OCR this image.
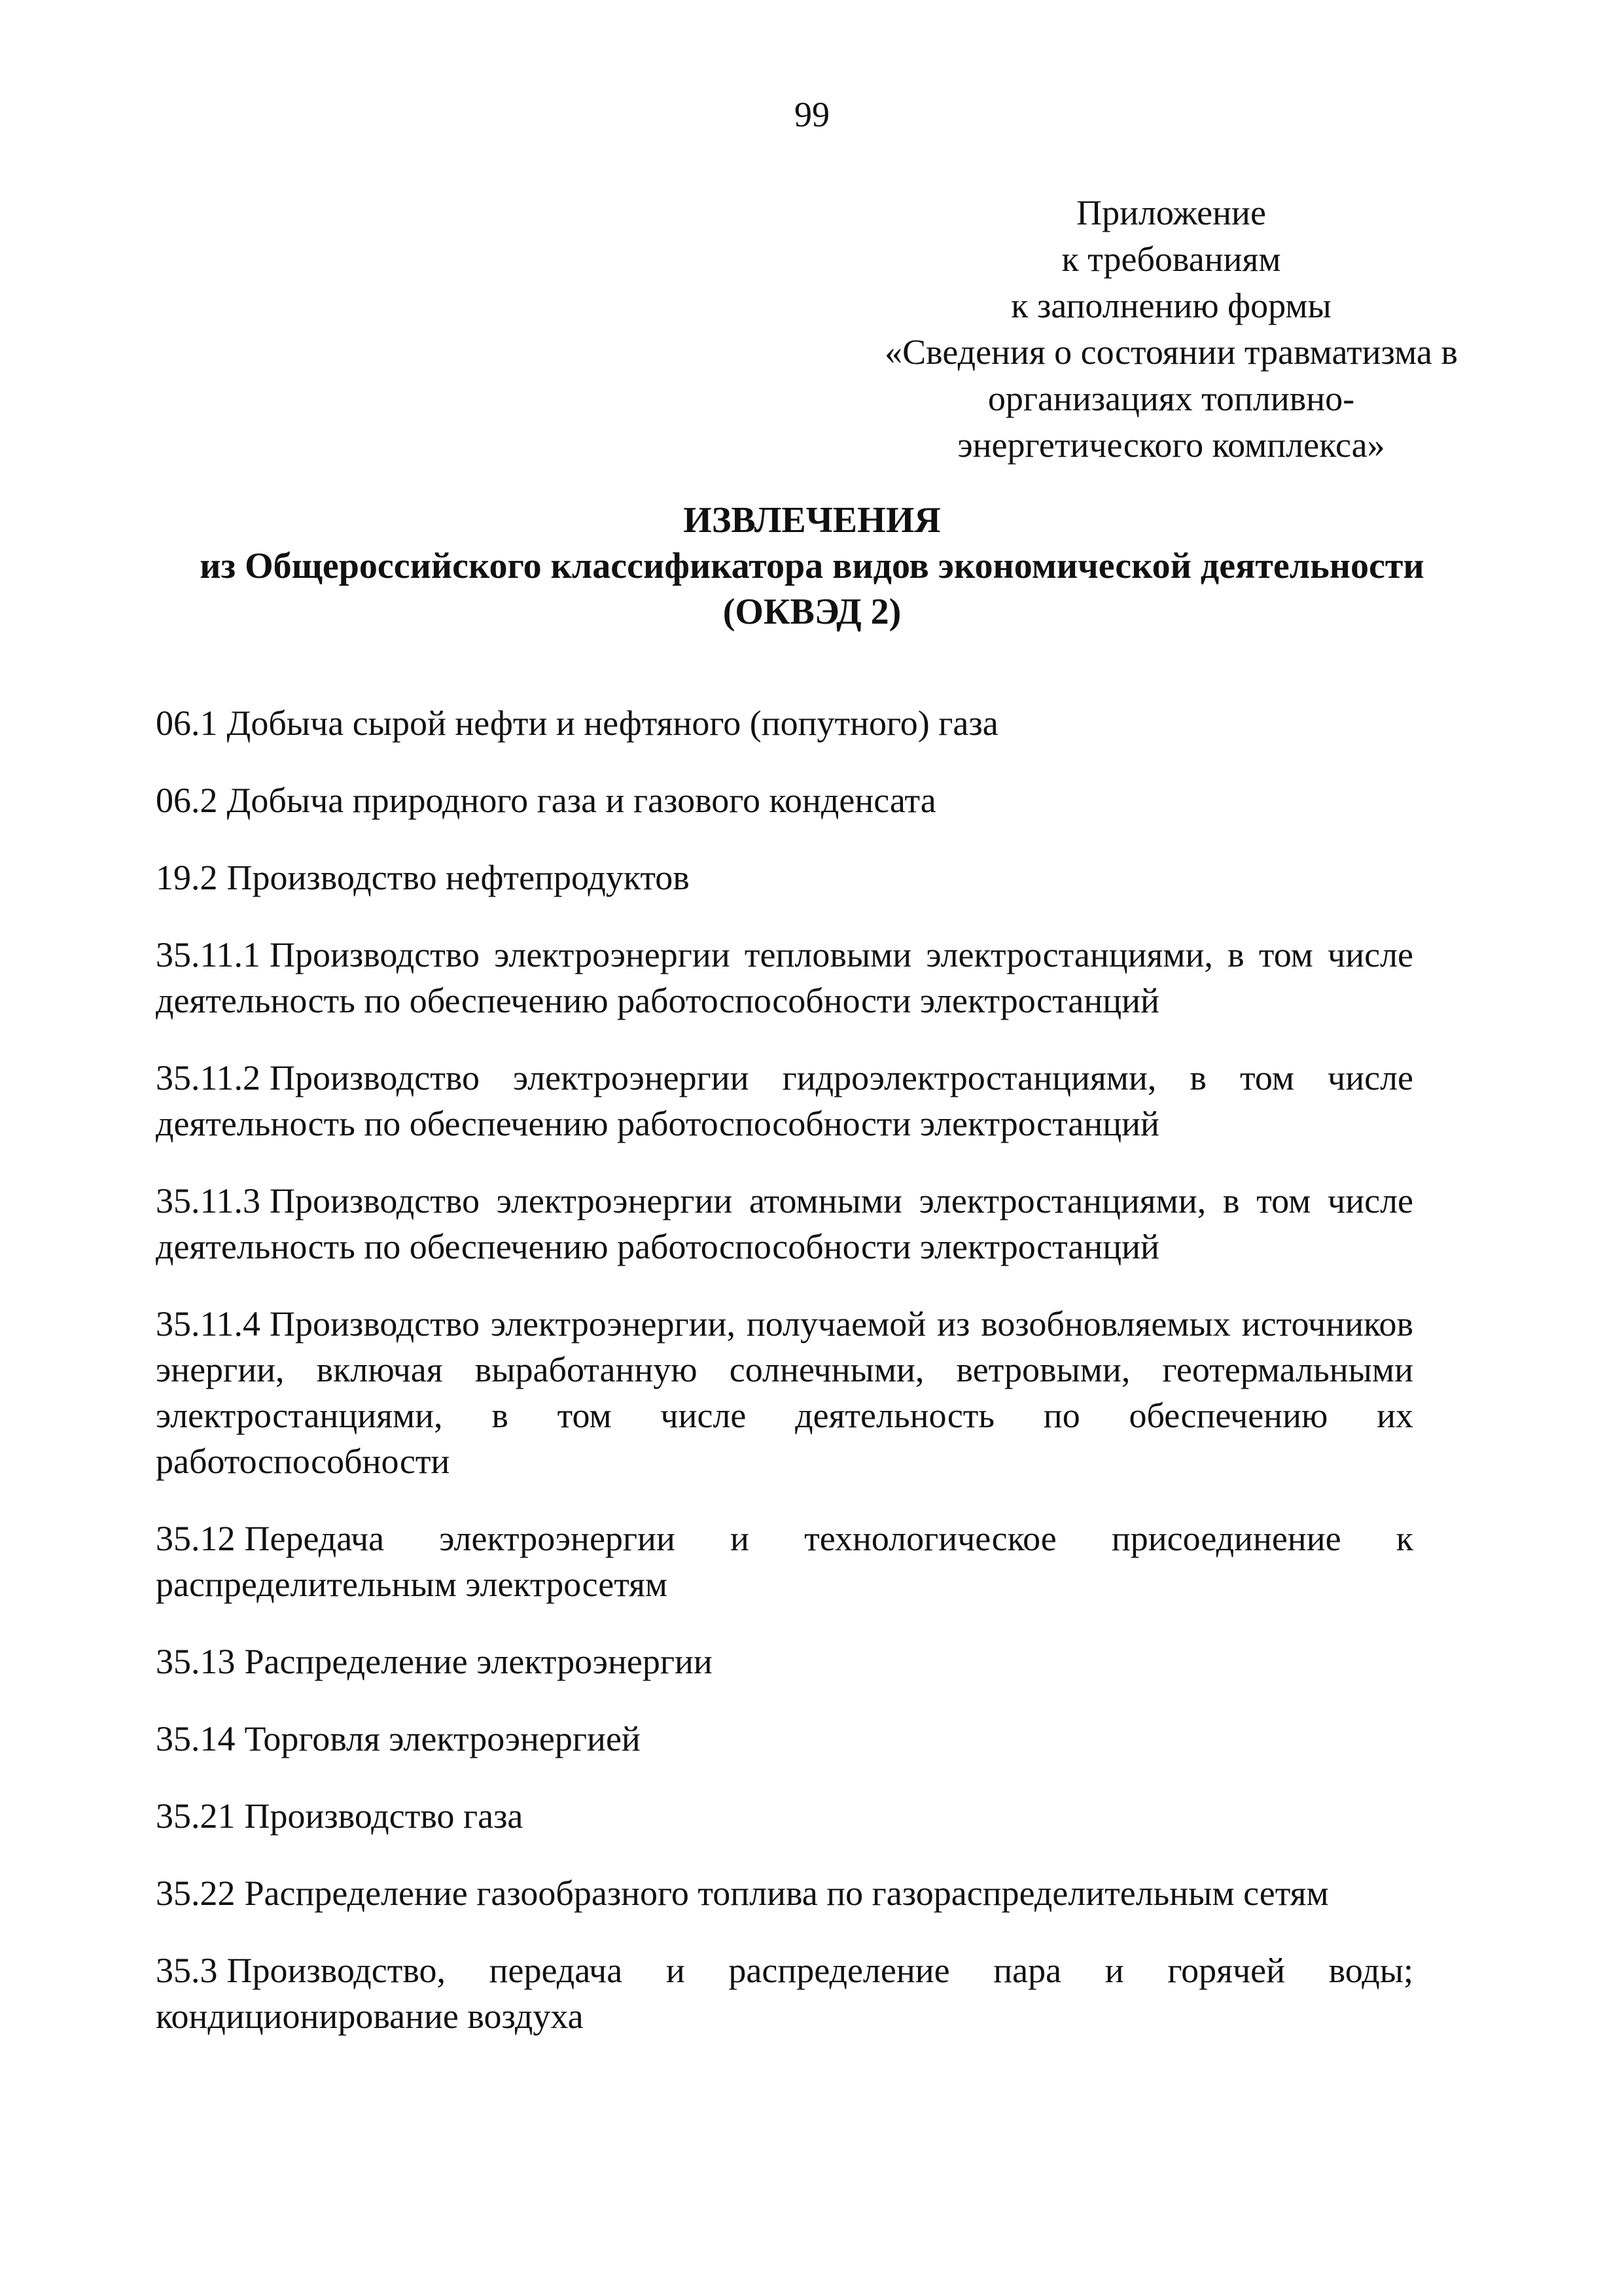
99
Приложение
к требованиям
к заполнению формы
«Сведения о состоянии травматизма в
организациях топливно-
энергетического комплекса»
ИЗВЛЕЧЕНИЯ
из Общероссийского классификатора видов экономической деятельности
(ОКВЭД 2)

06.1 Добыча сырой нефти и нефтяного (попутного) газа

06.2 Добыча природного газа и газового конденсата

19.2 Производство нефтепродуктов

35.11.1 Производство электроэнергии тепловыми электростанциями, в том числе деятельность по обеспечению работоспособности электростанций

35.11.2 Производство электроэнергии гидроэлектростанциями, в том числе деятельность по обеспечению работоспособности электростанций

35.11.3 Производство электроэнергии атомными электростанциями, в том числе деятельность по обеспечению работоспособности электростанций

35.11.4 Производство электроэнергии, получаемой из возобновляемых источников энергии, включая выработанную солнечными, ветровыми, геотермальными электростанциями, в том числе деятельность по обеспечению их работоспособности

35.12 Передача электроэнергии и технологическое присоединение к распределительным электросетям

35.13 Распределение электроэнергии

35.14 Торговля электроэнергией

35.21 Производство газа

35.22 Распределение газообразного топлива по газораспределительным сетям

35.3 Производство, передача и распределение пара и горячей воды; кондиционирование воздуха
